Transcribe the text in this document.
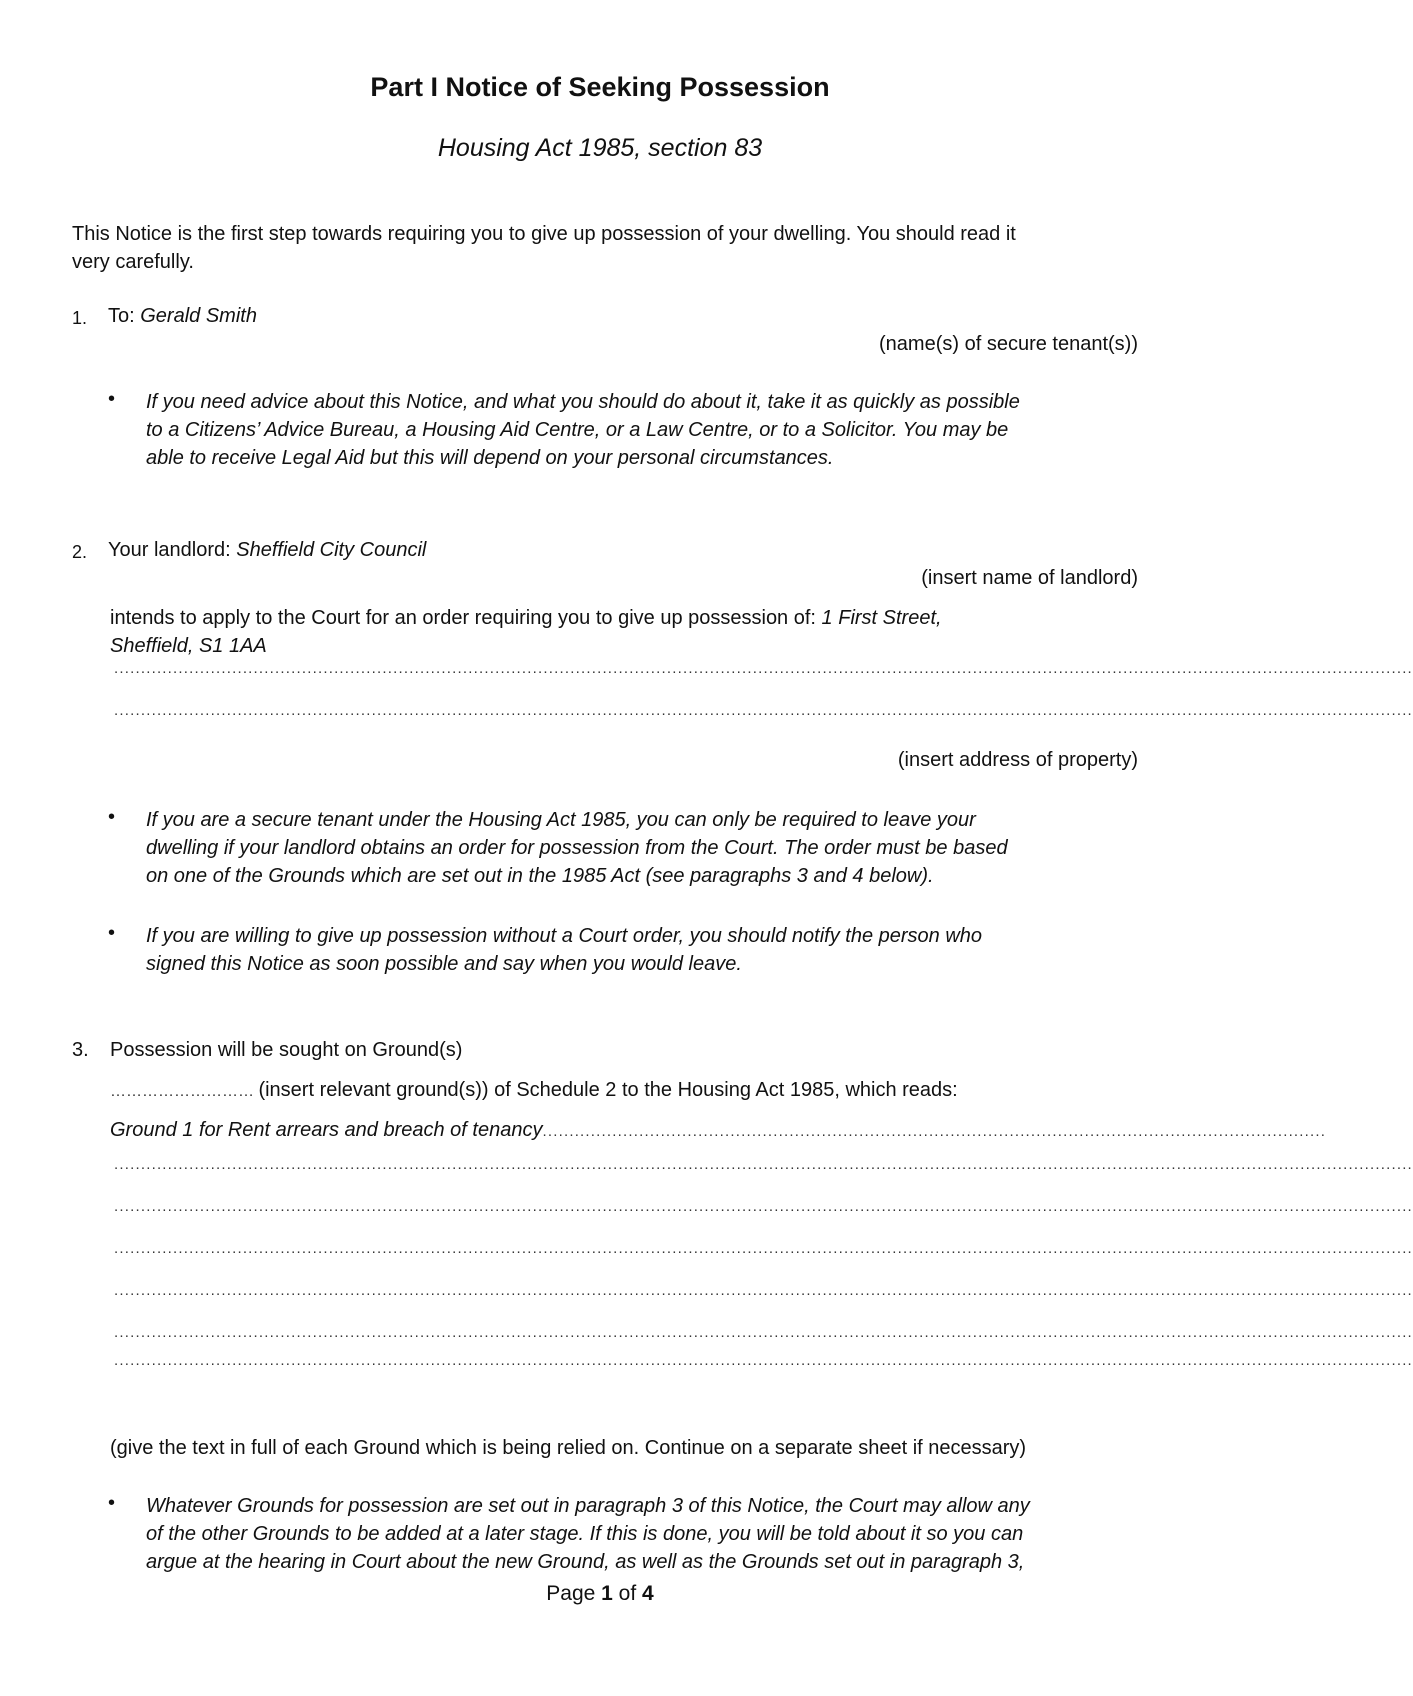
Part I Notice of Seeking Possession
Housing Act 1985, section 83
This Notice is the first step towards requiring you to give up possession of your dwelling. You should read it
very carefully.
1. To: Gerald Smith
(name(s) of secure tenant(s))
• If you need advice about this Notice, and what you should do about it, take it as quickly as possible
to a Citizens’ Advice Bureau, a Housing Aid Centre, or a Law Centre, or to a Solicitor. You may be
able to receive Legal Aid but this will depend on your personal circumstances.
2. Your landlord: Sheffield City Council
(insert name of landlord)
intends to apply to the Court for an order requiring you to give up possession of: 1 First Street,
Sheffield, S1 1AA
..................................................................................................................................................................................................................................................
..................................................................................................................................................................................................................................................
(insert address of property)
• If you are a secure tenant under the Housing Act 1985, you can only be required to leave your
dwelling if your landlord obtains an order for possession from the Court. The order must be based
on one of the Grounds which are set out in the 1985 Act (see paragraphs 3 and 4 below).
• If you are willing to give up possession without a Court order, you should notify the person who
signed this Notice as soon possible and say when you would leave.
3. Possession will be sought on Ground(s)
……………………… (insert relevant ground(s)) of Schedule 2 to the Housing Act 1985, which reads:
Ground 1 for Rent arrears and breach of tenancy..................................................................................................................................................
..................................................................................................................................................................................................................................................
..................................................................................................................................................................................................................................................
..................................................................................................................................................................................................................................................
..................................................................................................................................................................................................................................................
..................................................................................................................................................................................................................................................
..................................................................................................................................................................................................................................................
(give the text in full of each Ground which is being relied on. Continue on a separate sheet if necessary)
• Whatever Grounds for possession are set out in paragraph 3 of this Notice, the Court may allow any
of the other Grounds to be added at a later stage. If this is done, you will be told about it so you can
argue at the hearing in Court about the new Ground, as well as the Grounds set out in paragraph 3,
Page 1 of 4
